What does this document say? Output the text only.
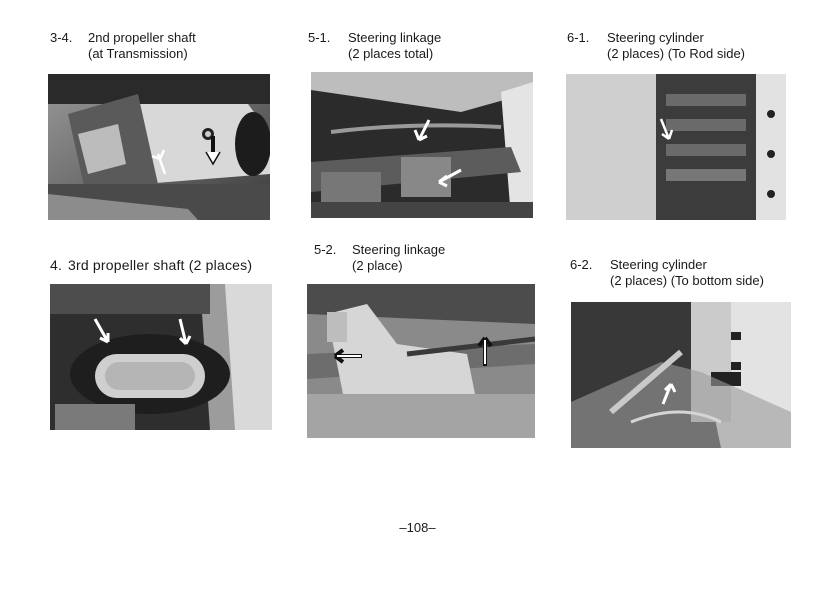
3-4. 2nd propeller shaft
(at Transmission)
5-1. Steering linkage
(2 places total)
6-1. Steering cylinder
(2 places) (To Rod side)
4. 3rd propeller shaft (2 places)
5-2. Steering linkage
(2 place)	6-2. Steering cylinder
(2 places) (To bottom side)
–108–
